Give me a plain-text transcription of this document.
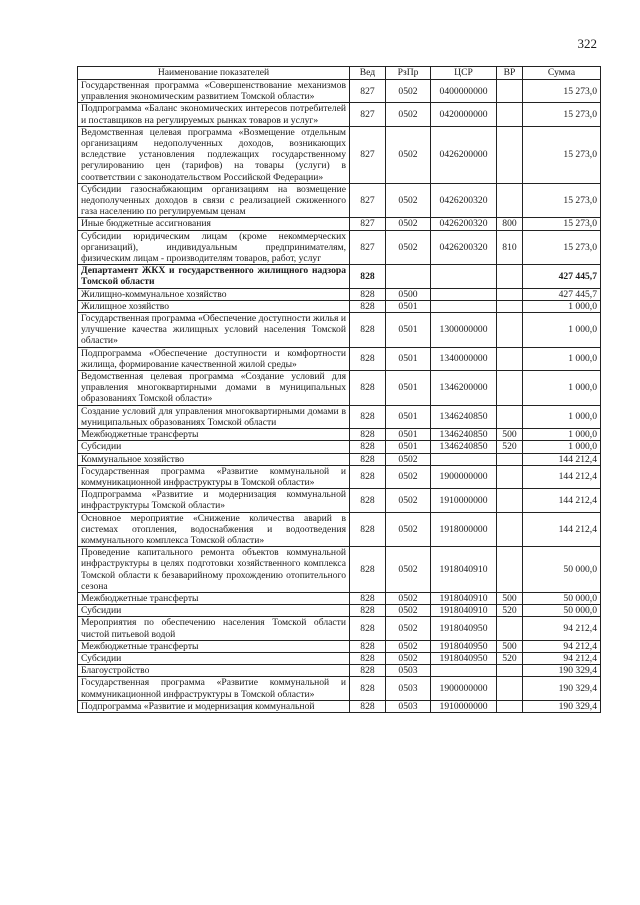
322
Наименование показателей	Вед	РзПр	ЦСР	ВР	Сумма
Государственная программа «Совершенствование механизмов управления экономическим развитием Томской области»	827	0502	0400000000		15 273,0
Подпрограмма «Баланс экономических интересов потребителей и поставщиков на регулируемых рынках товаров и услуг»	827	0502	0420000000		15 273,0
Ведомственная целевая программа «Возмещение отдельным организациям недополученных доходов, возникающих вследствие установления подлежащих государственному регулированию цен (тарифов) на товары (услуги) в соответствии с законодательством Российской Федерации»	827	0502	0426200000		15 273,0
Субсидии газоснабжающим организациям на возмещение недополученных доходов в связи с реализацией сжиженного газа населению по регулируемым ценам	827	0502	0426200320		15 273,0
Иные бюджетные ассигнования	827	0502	0426200320	800	15 273,0
Субсидии юридическим лицам (кроме некоммерческих организаций), индивидуальным предпринимателям, физическим лицам - производителям товаров, работ, услуг	827	0502	0426200320	810	15 273,0
Департамент ЖКХ и государственного жилищного надзора Томской области	828				427 445,7
Жилищно-коммунальное хозяйство	828	0500			427 445,7
Жилищное хозяйство	828	0501			1 000,0
Государственная программа «Обеспечение доступности жилья и улучшение качества жилищных условий населения Томской области»	828	0501	1300000000		1 000,0
Подпрограмма «Обеспечение доступности и комфортности жилища, формирование качественной жилой среды»	828	0501	1340000000		1 000,0
Ведомственная целевая программа «Создание условий для управления многоквартирными домами в муниципальных образованиях Томской области»	828	0501	1346200000		1 000,0
Создание условий для управления многоквартирными домами в муниципальных образованиях Томской области	828	0501	1346240850		1 000,0
Межбюджетные трансферты	828	0501	1346240850	500	1 000,0
Субсидии	828	0501	1346240850	520	1 000,0
Коммунальное хозяйство	828	0502			144 212,4
Государственная программа «Развитие коммунальной и коммуникационной инфраструктуры в Томской области»	828	0502	1900000000		144 212,4
Подпрограмма «Развитие и модернизация коммунальной инфраструктуры Томской области»	828	0502	1910000000		144 212,4
Основное мероприятие «Снижение количества аварий в системах отопления, водоснабжения и водоотведения коммунального комплекса Томской области»	828	0502	1918000000		144 212,4
Проведение капитального ремонта объектов коммунальной инфраструктуры в целях подготовки хозяйственного комплекса Томской области к безаварийному прохождению отопительного сезона	828	0502	1918040910		50 000,0
Межбюджетные трансферты	828	0502	1918040910	500	50 000,0
Субсидии	828	0502	1918040910	520	50 000,0
Мероприятия по обеспечению населения Томской области чистой питьевой водой	828	0502	1918040950		94 212,4
Межбюджетные трансферты	828	0502	1918040950	500	94 212,4
Субсидии	828	0502	1918040950	520	94 212,4
Благоустройство	828	0503			190 329,4
Государственная программа «Развитие коммунальной и коммуникационной инфраструктуры в Томской области»	828	0503	1900000000		190 329,4
Подпрограмма «Развитие и модернизация коммунальной	828	0503	1910000000		190 329,4
